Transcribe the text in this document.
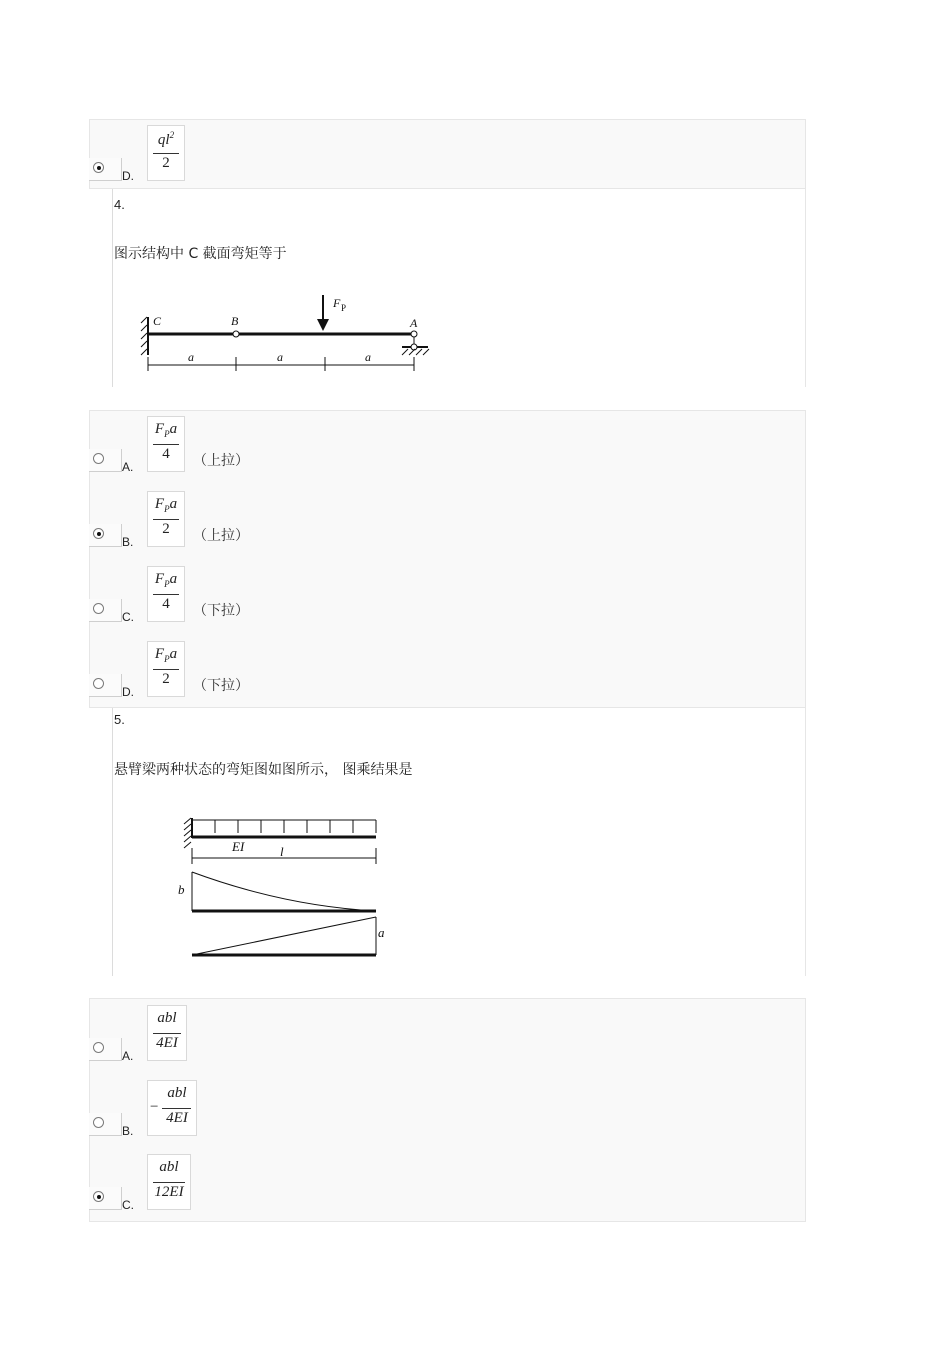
D.
$ql^2$
2
4.
图示结构中 C 截面弯矩等于
C	B	A
F P
a	a	a
A.
$F_Pa$
4	（上拉）
B.
$F_Pa$
2	（上拉）
C.
$F_Pa$
4	（下拉）
D.
$F_Pa$
2	（下拉）
5.
悬臂梁两种状态的弯矩图如图所示， 图乘结果是
EI	l
b
a
A.
abl
4EI
B.
−
abl
4EI
C.
abl
12EI
